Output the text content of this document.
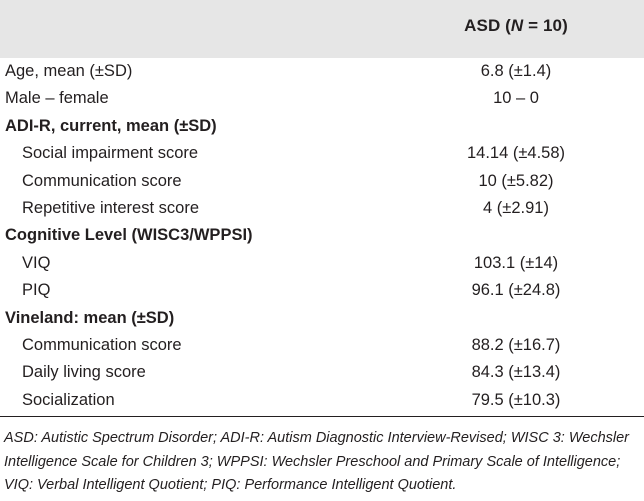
ASD (N = 10)
Age, mean (±SD)	6.8 (±1.4)
Male – female	10 – 0
ADI-R, current, mean (±SD)
Social impairment score	14.14 (±4.58)
Communication score	10 (±5.82)
Repetitive interest score	4 (±2.91)
Cognitive Level (WISC3/WPPSI)
VIQ	103.1 (±14)
PIQ	96.1 (±24.8)
Vineland: mean (±SD)
Communication score	88.2 (±16.7)
Daily living score	84.3 (±13.4)
Socialization	79.5 (±10.3)
ASD: Autistic Spectrum Disorder; ADI-R: Autism Diagnostic Interview-Revised; WISC 3: Wechsler Intelligence Scale for Children 3; WPPSI: Wechsler Preschool and Primary Scale of Intelligence; VIQ: Verbal Intelligent Quotient; PIQ: Performance Intelligent Quotient.
